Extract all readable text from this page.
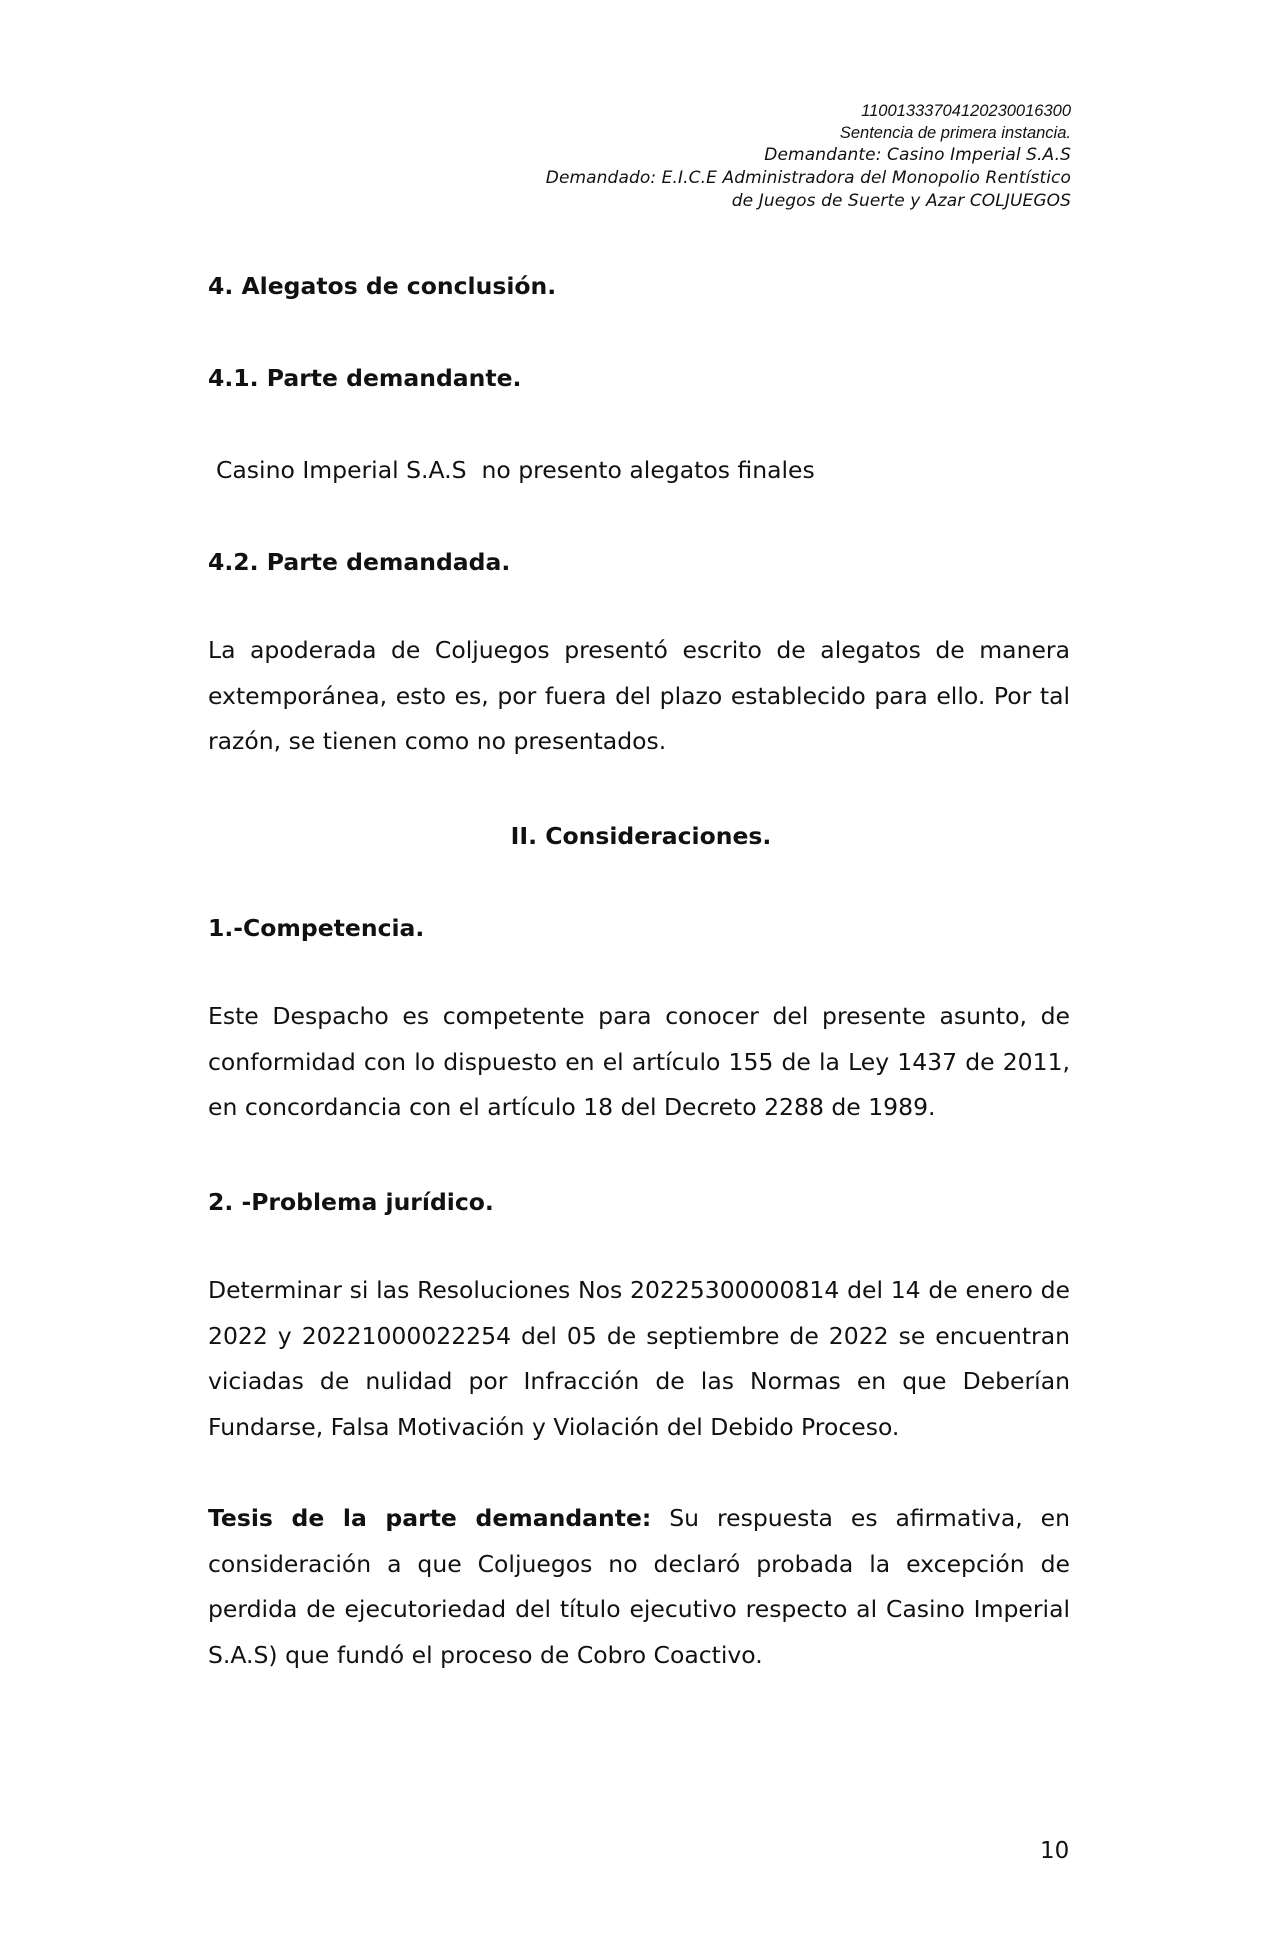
11001333704120230016300
Sentencia de primera instancia.
Demandante: Casino Imperial S.A.S
Demandado: E.I.C.E Administradora del Monopolio Rentístico
de Juegos de Suerte y Azar COLJUEGOS
4. Alegatos de conclusión.
4.1. Parte demandante.
Casino Imperial S.A.S  no presento alegatos finales
4.2. Parte demandada.
La apoderada de Coljuegos presentó escrito de alegatos de manera extemporánea, esto es, por fuera del plazo establecido para ello. Por tal razón, se tienen como no presentados.
II. Consideraciones.
1.-Competencia.
Este Despacho es competente para conocer del presente asunto, de conformidad con lo dispuesto en el artículo 155 de la Ley 1437 de 2011, en concordancia con el artículo 18 del Decreto 2288 de 1989.
2. -Problema jurídico.
Determinar si las Resoluciones Nos 20225300000814 del 14 de enero de 2022 y 20221000022254 del 05 de septiembre de 2022 se encuentran viciadas de nulidad por Infracción de las Normas en que Deberían Fundarse, Falsa Motivación y Violación del Debido Proceso.
Tesis de la parte demandante: Su respuesta es afirmativa, en consideración a que Coljuegos no declaró probada la excepción de perdida de ejecutoriedad del título ejecutivo respecto al Casino Imperial S.A.S) que fundó el proceso de Cobro Coactivo.
10
